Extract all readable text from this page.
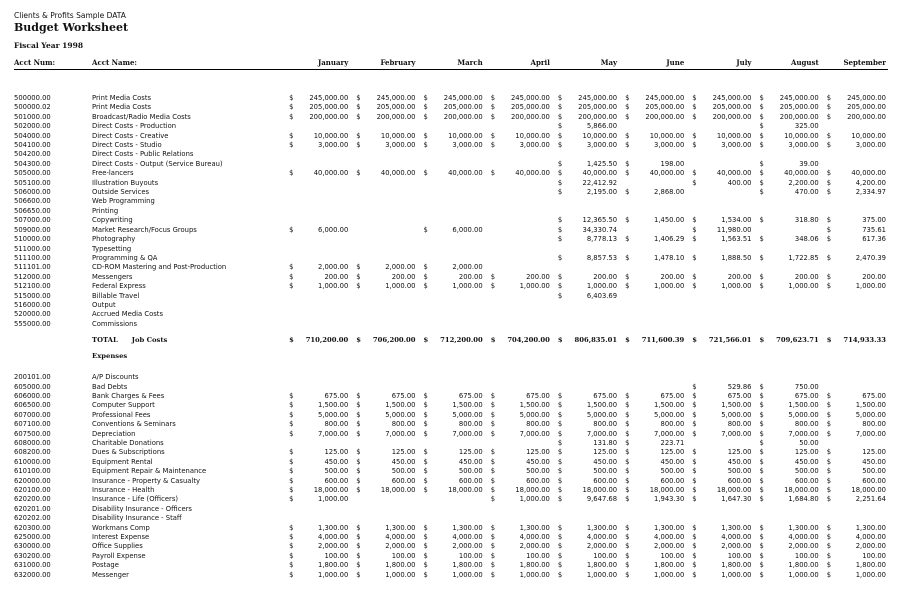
Clients & Profits Sample DATA
Budget Worksheet
Fiscal Year 1998
Acct Num:	Acct Name:	January	February	March	April	May	June	July	August	September

500000.00	Print Media Costs	$ 245,000.00	$ 245,000.00	$ 245,000.00	$ 245,000.00	$ 245,000.00	$ 245,000.00	$ 245,000.00	$ 245,000.00	$ 245,000.00

500000.02	Print Media Costs	$ 205,000.00	$ 205,000.00	$ 205,000.00	$ 205,000.00	$ 205,000.00	$ 205,000.00	$ 205,000.00	$ 205,000.00	$ 205,000.00

501000.00	Broadcast/Radio Media Costs	$ 200,000.00	$ 200,000.00	$ 200,000.00	$ 200,000.00	$ 200,000.00	$ 200,000.00	$ 200,000.00	$ 200,000.00	$ 200,000.00

502000.00	Direct Costs - Production					$ 5,866.00			$ 325.00	

504000.00	Direct Costs - Creative	$ 10,000.00	$ 10,000.00	$ 10,000.00	$ 10,000.00	$ 10,000.00	$ 10,000.00	$ 10,000.00	$ 10,000.00	$ 10,000.00

504100.00	Direct Costs - Studio	$ 3,000.00	$ 3,000.00	$ 3,000.00	$ 3,000.00	$ 3,000.00	$ 3,000.00	$ 3,000.00	$ 3,000.00	$ 3,000.00

504200.00	Direct Costs - Public Relations									
504300.00	Direct Costs - Output (Service Bureau)					$ 1,425.50	$ 198.00		$ 39.00	

505000.00	Free-lancers	$ 40,000.00	$ 40,000.00	$ 40,000.00	$ 40,000.00	$ 40,000.00	$ 40,000.00	$ 40,000.00	$ 40,000.00	$ 40,000.00

505100.00	Illustration Buyouts					$ 22,412.92		$ 400.00	$ 2,200.00	$ 4,200.00

506000.00	Outside Services					$ 2,195.00	$ 2,868.00		$ 470.00	$ 2,334.97

506600.00	Web Programming									
506650.00	Printing									
507000.00	Copywriting					$ 12,365.50	$ 1,450.00	$ 1,534.00	$ 318.80	$ 375.00

509000.00	Market Research/Focus Groups	$ 6,000.00		$ 6,000.00		$ 34,330.74		$ 11,980.00		$ 735.61

510000.00	Photography					$ 8,778.13	$ 1,406.29	$ 1,563.51	$ 348.06	$ 617.36

511000.00	Typesetting									
511100.00	Programming & QA					$ 8,857.53	$ 1,478.10	$ 1,888.50	$ 1,722.85	$ 2,470.39

511101.00	CD-ROM Mastering and Post-Production	$ 2,000.00	$ 2,000.00	$ 2,000.00						

512000.00	Messengers	$ 200.00	$ 200.00	$ 200.00	$ 200.00	$ 200.00	$ 200.00	$ 200.00	$ 200.00	$ 200.00

512100.00	Federal Express	$ 1,000.00	$ 1,000.00	$ 1,000.00	$ 1,000.00	$ 1,000.00	$ 1,000.00	$ 1,000.00	$ 1,000.00	$ 1,000.00

515000.00	Billable Travel					$ 6,403.69				

516000.00	Output									
520000.00	Accrued Media Costs									
555000.00	Commissions									

	TOTAL Job Costs	$ 710,200.00	$ 706,200.00	$ 712,200.00	$ 704,200.00	$ 806,835.01	$ 711,600.39	$ 721,566.01	$ 709,623.71	$ 714,933.33

	Expenses									

200101.00	A/P Discounts									
605000.00	Bad Debts							$ 529.86	$ 750.00	

606000.00	Bank Charges & Fees	$ 675.00	$ 675.00	$ 675.00	$ 675.00	$ 675.00	$ 675.00	$ 675.00	$ 675.00	$ 675.00

606500.00	Computer Support	$ 1,500.00	$ 1,500.00	$ 1,500.00	$ 1,500.00	$ 1,500.00	$ 1,500.00	$ 1,500.00	$ 1,500.00	$ 1,500.00

607000.00	Professional Fees	$ 5,000.00	$ 5,000.00	$ 5,000.00	$ 5,000.00	$ 5,000.00	$ 5,000.00	$ 5,000.00	$ 5,000.00	$ 5,000.00

607100.00	Conventions & Seminars	$ 800.00	$ 800.00	$ 800.00	$ 800.00	$ 800.00	$ 800.00	$ 800.00	$ 800.00	$ 800.00

607500.00	Depreciation	$ 7,000.00	$ 7,000.00	$ 7,000.00	$ 7,000.00	$ 7,000.00	$ 7,000.00	$ 7,000.00	$ 7,000.00	$ 7,000.00

608000.00	Charitable Donations					$ 131.80	$ 223.71		$ 50.00	

608200.00	Dues & Subscriptions	$ 125.00	$ 125.00	$ 125.00	$ 125.00	$ 125.00	$ 125.00	$ 125.00	$ 125.00	$ 125.00

610000.00	Equipment Rental	$ 450.00	$ 450.00	$ 450.00	$ 450.00	$ 450.00	$ 450.00	$ 450.00	$ 450.00	$ 450.00

610100.00	Equipment Repair & Maintenance	$ 500.00	$ 500.00	$ 500.00	$ 500.00	$ 500.00	$ 500.00	$ 500.00	$ 500.00	$ 500.00

620000.00	Insurance - Property & Casualty	$ 600.00	$ 600.00	$ 600.00	$ 600.00	$ 600.00	$ 600.00	$ 600.00	$ 600.00	$ 600.00

620100.00	Insurance - Health	$ 18,000.00	$ 18,000.00	$ 18,000.00	$ 18,000.00	$ 18,000.00	$ 18,000.00	$ 18,000.00	$ 18,000.00	$ 18,000.00

620200.00	Insurance - Life (Officers)	$ 1,000.00			$ 1,000.00	$ 9,647.68	$ 1,943.30	$ 1,647.30	$ 1,684.80	$ 2,251.64

620201.00	Disability Insurance - Officers									
620202.00	Disability Insurance - Staff									
620300.00	Workmans Comp	$ 1,300.00	$ 1,300.00	$ 1,300.00	$ 1,300.00	$ 1,300.00	$ 1,300.00	$ 1,300.00	$ 1,300.00	$ 1,300.00

625000.00	Interest Expense	$ 4,000.00	$ 4,000.00	$ 4,000.00	$ 4,000.00	$ 4,000.00	$ 4,000.00	$ 4,000.00	$ 4,000.00	$ 4,000.00

630000.00	Office Supplies	$ 2,000.00	$ 2,000.00	$ 2,000.00	$ 2,000.00	$ 2,000.00	$ 2,000.00	$ 2,000.00	$ 2,000.00	$ 2,000.00

630200.00	Payroll Expense	$ 100.00	$ 100.00	$ 100.00	$ 100.00	$ 100.00	$ 100.00	$ 100.00	$ 100.00	$ 100.00

631000.00	Postage	$ 1,800.00	$ 1,800.00	$ 1,800.00	$ 1,800.00	$ 1,800.00	$ 1,800.00	$ 1,800.00	$ 1,800.00	$ 1,800.00

632000.00	Messenger	$ 1,000.00	$ 1,000.00	$ 1,000.00	$ 1,000.00	$ 1,000.00	$ 1,000.00	$ 1,000.00	$ 1,000.00	$ 1,000.00
